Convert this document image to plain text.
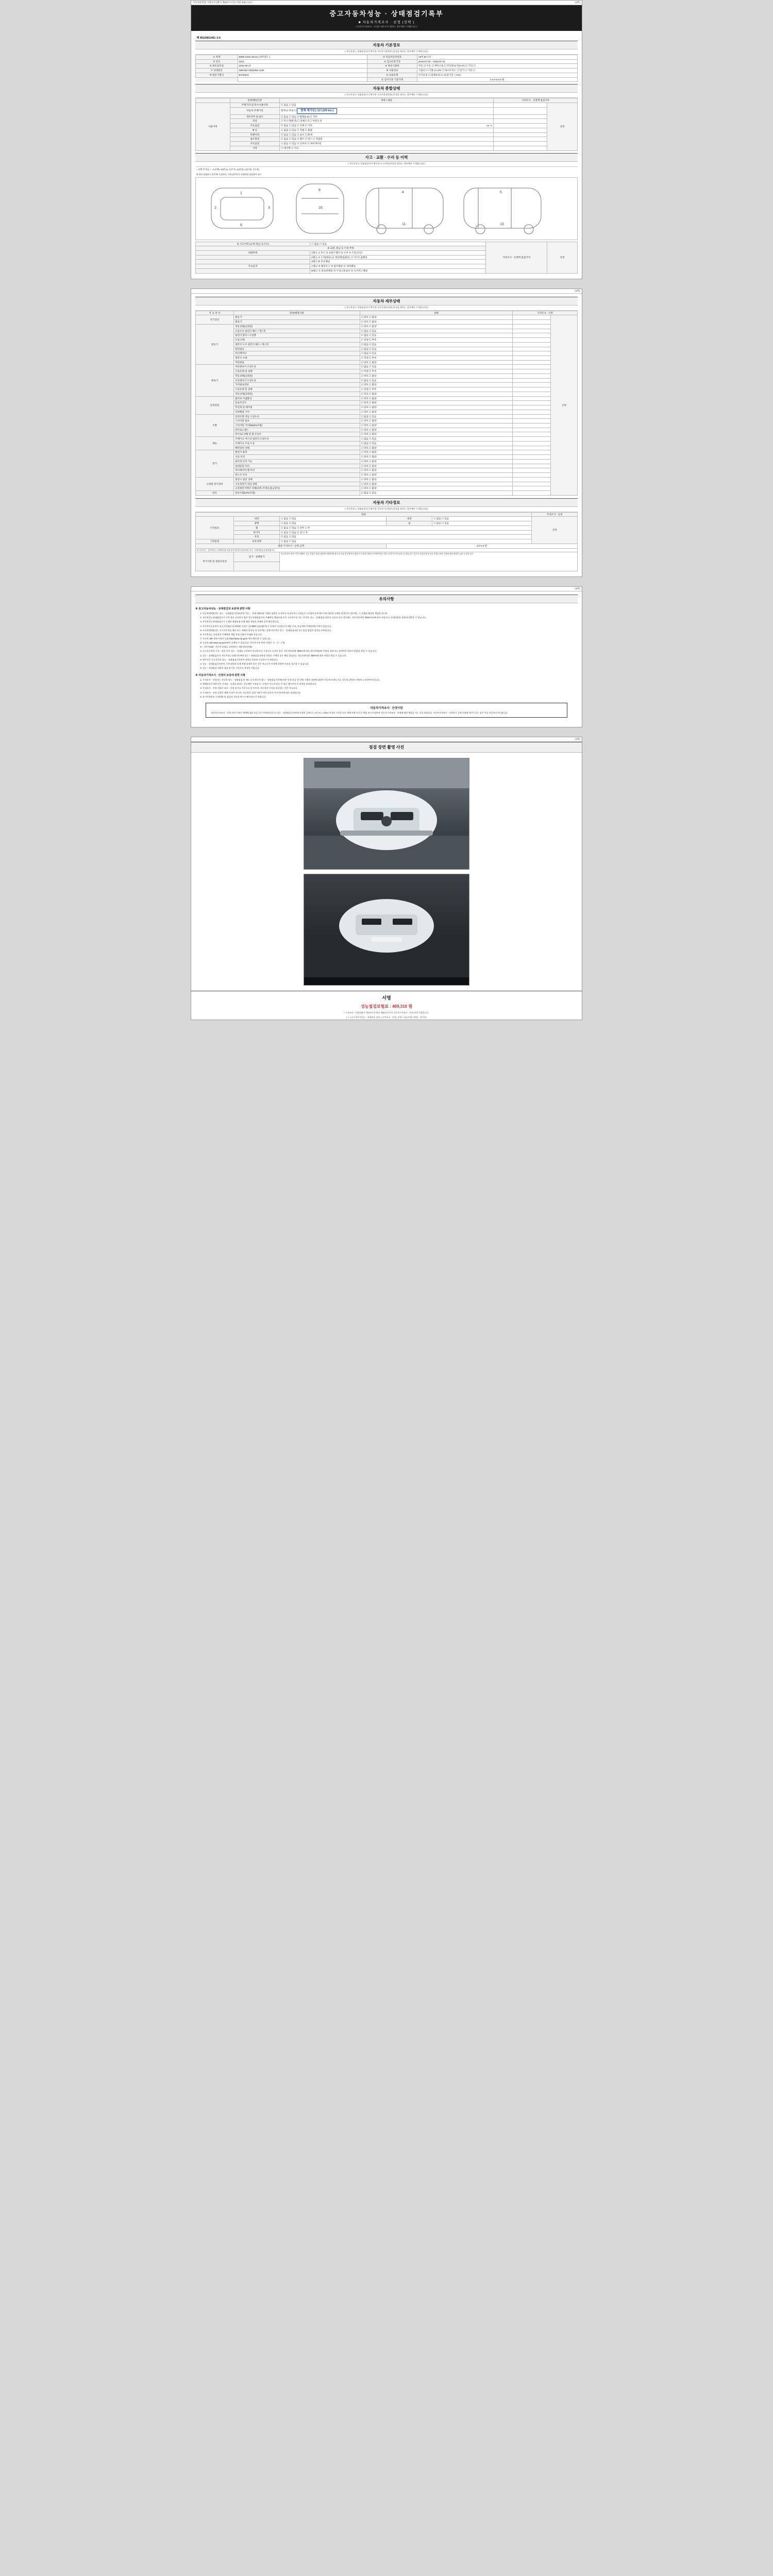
자동차관리법 시행규칙 [별지 제82호서식] <개정 2021.1.5.>	(3쪽)
중고자동차성능 · 상태점검기록부
■ 자동차가격조사 · 산정 (선택 )
( 자동차가격조사ㆍ산정은 매수인이 원하는 경우에만 기재합니다 )
제 9510901461 3-0
자동차 기본정보
( 자동차성능·상태점검자가 확인한 자동차기본정보 (산정을 원하는 경우에만 기재합니다) )
① 차명	BMW 520d xDrive (새차년도 )	② 자동차등록번호	19머 84시 0
③ 연식	2016	④ 검사유효기간	2018-07-02 ~ 2020-07-01
⑤ 최초등록일	2016-06-17	⑥ 변속기종류	자동 ☑ 수동 ☐ 세미오토 ☐ 무단변속기(CVT) ☐ 기타 ☐
⑦ 차대번호	WBA5E7105G056 4125	⑧ 사용연료	가솔린 ☐ 디젤 ☑ LPG ☐ 하이브리드 ☐ 전기 ☐ 기타 ☐
⑨ 원동기형식	B47D20A	⑩ 보증유형	자가보증 ☐ 업체보증 ☑ (보증기간 : / km)
		⑪ 검사기준 기준가액	0 0 0 0 0 0 원
자동차 종합상태
( 자동차성능·상태점검자가 확인한 자동차종합상태 (산정을 원하는 경우에만 기재합니다) )
	항목/해당사항	항목 / 내용	가격조사 · 산정액 점검기록	
사용이력	주행거리 및 특수사용이력	☐ 없음 ☐ 있음		산정
	자동차 주행거리	현재 ☑ 보정 ☐ 현재 계기상 [ 117,229 km ]		
	개조여부 및 용도	☐ 없음 ☐ 있음 ☐ 범죄(2.0) ☐ 기타		
	색상	☐ 무도색(원색) ☐ 전체도색 ☐ 부분도색		
	주요옵션	☐ 없음 ☐ 있음 ☐ 선택 ☐ 기타 cm, %		

	튜닝	☐ 없음 ☐ 있음 ☐ 적법 ☐ 불법		
	특별이력	☐ 없음 ☐ 있음 ☐ 침수 ☐ 화재		
	용도변경	☐ 없음 ☐ 있음 ☐ 렌트 ☐ 리스 ☐ 영업용		
	주요옵션	☐ 없음 ☐ 있음 ☐ 선루프 ☐ 내비게이션		
	기타	☐ 에어백 ☐ 기타		
사고 · 교환 · 수리 등 이력
( 자동차성능·상태점검자가 확인한 사고이력 (산정을 원하는 경우에만 기재합니다) )
< 교체 및 판금 > : X(교체), W(판금), C(부식), A(흠집), U(요철), T(누유)
※ 하단 상태표시 항목에 기입하며, 기재 위치까지 상세하게 점검하여 표시
1
2	3
6
8
16
4
11
5
13
※ 사고이력 (교차/ 판금 표시도)	☐ 없음 ☐ 있음	가격조사 · 산정액 점검가격	산정
※ 교환, 판금 등 이상 부위			
외판부위	1랭크 ① 후드 ② 프론트휀더 ③ 도어 ④ 트렁크리드		
	2랭크 ⑤ 도어(좌우) ⑥ 쿼터패널(좌우) ⑦ 사이드실패널		
	3랭크 ⑧ 루프패널		
주요골격	A랭크 ⑨ 휠하우스 ⑩ 필러패널 ⑪ 대쉬패널		
	B랭크 ⑫ 플로어패널 ⑬ 트렁크플로어 ⑭ 인사이드패널		

(3쪽)
자동차 세부상태
( 자동차성능·상태점검자가 확인한 자동차세부상태 (산정을 원하는 경우에만 기재합니다) )
주 요 장 치	항목/해당사항	상태	가격조사 · 산정	
자기진단	원동기	☐ 양호 ☐ 불량		산정
	변속기	☐ 양호 ☐ 불량		
원동기	작동상태(공회전)	☐ 양호 ☐ 불량		
	오일누유 실린더 헤드 / 개스킷	☐ 없음 ☐ 있음		
	실린더 블록 / 오일팬	☐ 없음 ☐ 있음		
	오일 유량	☐ 적정 ☐ 부족		
	냉각수 누수 실린더 헤드 / 개스킷	☐ 없음 ☐ 있음		
	워터펌프	☐ 없음 ☐ 있음		
	라디에이터	☐ 없음 ☐ 있음		
	냉각수 수량	☐ 적정 ☐ 부족		
	커먼레일	☐ 양호 ☐ 불량		
변속기	자동변속기 오일누유	☐ 없음 ☐ 있음		
	오일유량 및 상태	☐ 적정 ☐ 부족		
	작동상태(공회전)	☐ 양호 ☐ 불량		
	수동변속기 오일누유	☐ 없음 ☐ 있음		
	기어변속장치	☐ 양호 ☐ 불량		
	오일유량 및 상태	☐ 적정 ☐ 부족		
	작동상태(공회전)	☐ 양호 ☐ 불량		
동력전달	클러치 어셈블리	☐ 양호 ☐ 불량		
	등속조인트	☐ 양호 ☐ 불량		
	추진축 및 베어링	☐ 양호 ☐ 불량		
	디퍼렌셜 기어	☐ 양호 ☐ 불량		
조향	동력조향 작동 오일누유	☐ 없음 ☐ 있음		
	스티어링 펌프	☐ 양호 ☐ 불량		
	스티어링 기어(MDPS포함)	☐ 양호 ☐ 불량		
	타이로드엔드	☐ 양호 ☐ 불량		
	타이로드(랙) 및 볼 조인트	☐ 양호 ☐ 불량		
제동	브레이크 마스터 실린더 오일누유	☐ 없음 ☐ 있음		
	브레이크 오일 누유	☐ 없음 ☐ 있음		
	배력장치 상태	☐ 양호 ☐ 불량		
전기	발전기 출력	☐ 양호 ☐ 불량		
	시동 모터	☐ 양호 ☐ 불량		
	와이퍼 모터 기능	☐ 양호 ☐ 불량		
	실내송풍 모터	☐ 양호 ☐ 불량		
	라디에이터 팬 모터	☐ 양호 ☐ 불량		
	윈도우 모터	☐ 양호 ☐ 불량		
고전원 전기장치	충전구 절연 상태	☐ 양호 ☐ 불량		
	구동축전지 격리 상태	☐ 양호 ☐ 불량		
	고전원전기배선 상태(피복,커넥터,잠금장치)	☐ 양호 ☐ 불량		
연료	연료누출(LPG포함)	☐ 없음 ☐ 있음		
자동차 기타정보
( 자동차성능·상태점검자가 확인한 자동차기타정보 (산정을 원하는 경우에만 기재합니다) )
항목					가격조사 · 산정
수리필요	외장	☐ 없음 ☐ 있음	내장	☐ 없음 ☐ 있음	산정
	광택	☐ 없음 ☐ 있음	룸	☐ 없음 ☐ 있음	
	휠	☐ 없음 ☐ 있음 ☐ 전후 ☐ 후			
	타이어	☐ 없음 ☐ 있음 ☐ 전 ☐ 후			
	유리	☐ 없음 ☐ 있음			
기본품목	보유상태	☐ 없음 ☐ 있음			
최종 가격조사 · 산정 금액			0 0 0 0 원		
※ 가격조사 · 산정자료는 상세정보와 자동차가격산정기준에 따라 조사 · 산정하였음을 확인합니다.					
특기사항 및 점검자의견	감가 · 상태평가	비금속부터 플러스까지 말해도 기능 부품은 검증시킬에서 제외되며 중고차 특성 및 부품이전 원을 모두 할 자 함에 노후화에 따른 기타 노후한 부속이 있을 수 있습니다. 중고차 특성상 품질 보증 사항은 관련 부품에 대한 불편이 있을 수 있습니다.			

(3쪽)
유의사항
※ 중고자동차성능 · 상태점검과 보증에 관한 사항
1. 자동차매매업자는 성능ㆍ상태점검기록부(이하 "성능ㆍ상태 제3호에 기재된 내용을 고지하지 아니하거나 거짓으로 고지함으로써 매수인에 재산상 손해를 발생시킨 경우에는 그 손해를 배상할 책임을 집니다.
2. 자동차성능상태점검자가 거짓 정보 고지하기 위한 성능상태점검자의 손해배상 책임보험 등의 고지의무를 지는 것이며, 성능ㆍ상태점검 내용이 사실과 다른 경우에는 자동차관리법 제58조의4에 따라 보험 또는 공제조합을 통해 보상받을 수 있습니다.
3. 자동차성능상태점검자가 기재한 책임보험 등에 대한 내용을 아래와 같이 확인합니다.
4. 자동차인도일부터 보증기간(1년 및 2만km 이상인 것) 2000 점검대비에 중 중에서 사성장기간 때일 미교, 보증계약 간행(발생) 이력이 있습니다.
5. 자동차매매업자는 중고자동차를 매도 또는 매매의 알선을 한 경우에는 당해 자동차의 성능ㆍ상태점검자와 성능점검 점검의 결과를 교부합니다.
6. 자동차성능 점검장의 손해배상 책임 보험 내용은 아래와 같습니다.
7. 자동차 100 세계 사항은 다음 http://www.car.go.kr 에서 확인할 수 있습니다.
8. 자동차 100 www.car.go.kr에서 실행할 수 있습니다. 자동차 등록 관련 사항은 시ㆍ군ㆍ구청,
9. - 자동차100 : 자동차 보험료 고객센터 / 제보센터(전화)
1. 중고자동차의 구조ㆍ장치 등의 성능ㆍ상태를 고지하지 아니하거나 거짓으로 고지한 경우, 자동차관리법 제58조에 따라 형사처벌(3년 이하의 징역 또는 3천만원 이하의 벌금)을 받을 수 있습니다.
2. 성능ㆍ상태점검자가 자동차성능상태기록부에 성능ㆍ상태점검 내용을 허위로 기재할 경우 해당 점검자는 자동차관리법 제58조에 따라 처벌을 받을 수 있습니다.
3. 매수인은 중고자동차 성능ㆍ상태점검기록부의 내용을 충분히 숙지하시기 바랍니다.
4. 성능ㆍ상태점검기록부의 기재 내용과 실제 차량 상태가 다른 경우 보증기간 이내에 한하여 보상을 청구할 수 있습니다.
5. 성능ㆍ상태점검 내용은 점검 당시를 기준으로 작성된 것입니다.
※ 자동차가격조사 · 산정의 보증에 관한 사항
1. 가격조사ㆍ산정자는 자동차 성능ㆍ상태점검 및 매도 중고자동차 성능ㆍ상태점검기록부(이하 "산정 보증 한 것에 기재한 내용에 대하여 자동차의 매도 또는 알선을 위탁한 자에게 고지하여야 합니다.
2. 매매업자가 매수인이 가격조ㆍ산정을 원하는 경우에만 가격조사ㆍ산정이 이루어지며, 이 경우 매수인이 이 비용을 부담합니다.
3. 가격조사ㆍ산정 내용은 조사ㆍ산정 당시를 기준으로 한 것이며, 자동차의 가치를 보증하는 것은 아닙니다.
4. 가격조사ㆍ산정 금액은 매매 가격이 아니며, 자동차의 실제 거래 가격은 당사자 간의 합의에 따라 결정됩니다.
5. 특기사항란의 기재내용 및 점검자 의견을 반드시 확인하시기 바랍니다.
자동차가격조사 · 산정이란
"자동차가격조사ㆍ산정"이란 시세가 매매에 대한 보증기간 이내에 품질기능성능ㆍ상태점검기록부에 산정된 금액으로 1년 또는 2만km 이내의 기간을 다른 객체 자체 시간 본 책임 조사 산정하여 자동차 가격조사ㆍ산정에 대한 책임을 지는 것을 말합니다. 자동차가격조사ㆍ산정자가 금액 산정에 차이가 있는 경우 이를 보증하지 아니합니다.

(4쪽)
점검 장면 촬영 사진
서명
성능점검보험료 : 409,310 원
* 가격조사ㆍ산정내용은 제3조의 및 별지 제82호서식의 자동차가격조사ㆍ산정 관련 사항입니다.
[ ㅇ ] 중고자동차성능ㆍ상태점검 결과, [ 가격조사ㆍ산정 ] 산정 1 부(선정을 원하는 경우만)
